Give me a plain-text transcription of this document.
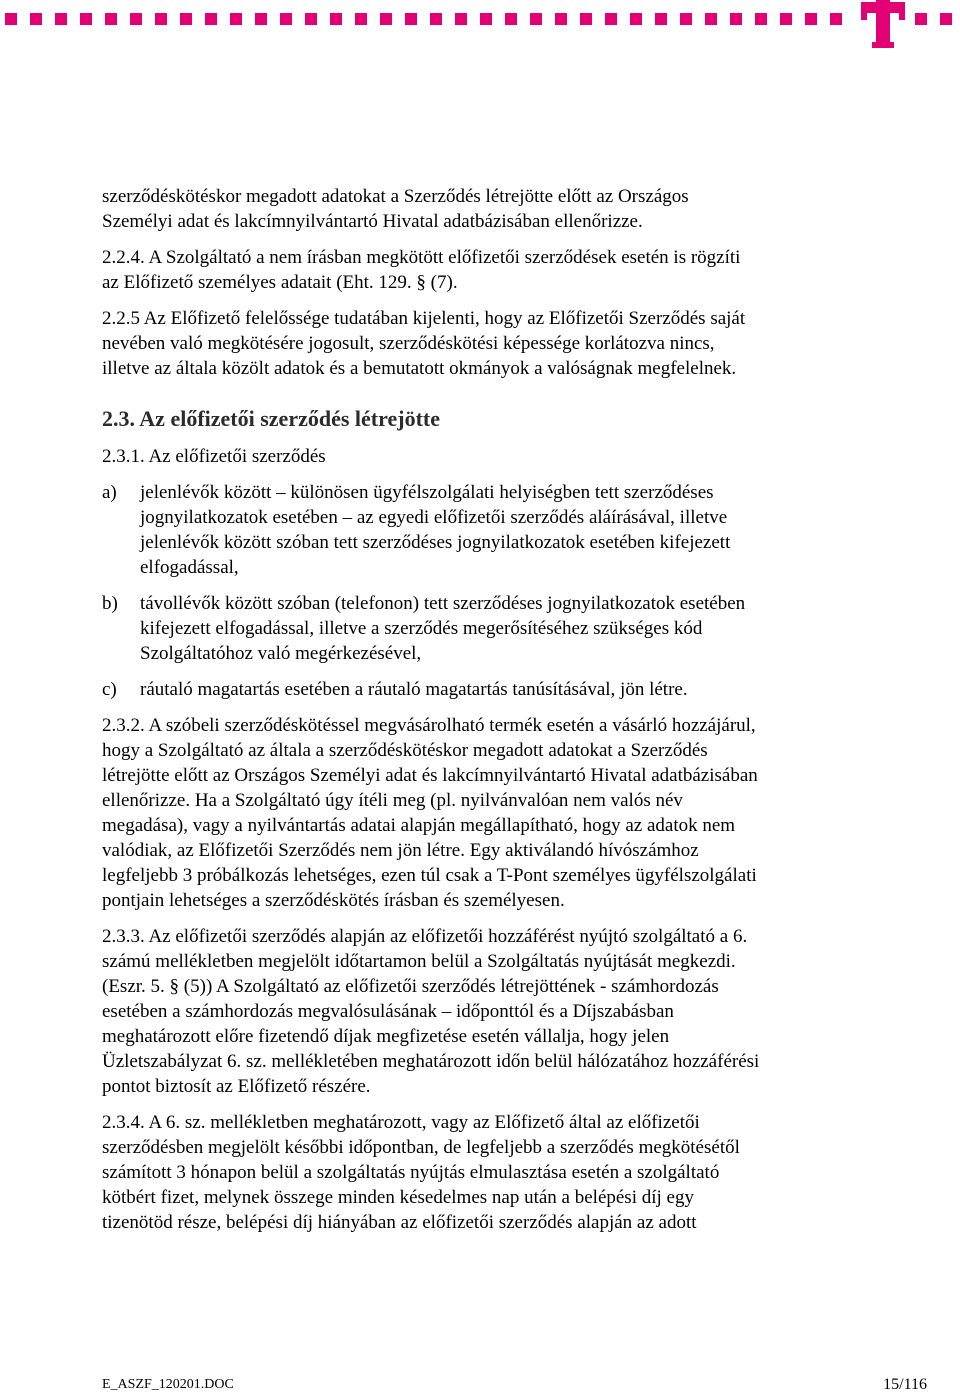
szerződéskötéskor megadott adatokat a Szerződés létrejötte előtt az Országos
Személyi adat és lakcímnyilvántartó Hivatal adatbázisában ellenőrizze.
2.2.4. A Szolgáltató a nem írásban megkötött előfizetői szerződések esetén is rögzíti
az Előfizető személyes adatait (Eht. 129. § (7).
2.2.5 Az Előfizető felelőssége tudatában kijelenti, hogy az Előfizetői Szerződés saját
nevében való megkötésére jogosult, szerződéskötési képessége korlátozva nincs,
illetve az általa közölt adatok és a bemutatott okmányok a valóságnak megfelelnek.
2.3. Az előfizetői szerződés létrejötte
2.3.1. Az előfizetői szerződés
a)	jelenlévők között – különösen ügyfélszolgálati helyiségben tett szerződéses
jognyilatkozatok esetében – az egyedi előfizetői szerződés aláírásával, illetve
jelenlévők között szóban tett szerződéses jognyilatkozatok esetében kifejezett
elfogadással,
b)	távollévők között szóban (telefonon) tett szerződéses jognyilatkozatok esetében
kifejezett elfogadással, illetve a szerződés megerősítéséhez szükséges kód
Szolgáltatóhoz való megérkezésével,
c)	ráutaló magatartás esetében a ráutaló magatartás tanúsításával, jön létre.
2.3.2. A szóbeli szerződéskötéssel megvásárolható termék esetén a vásárló hozzájárul,
hogy a Szolgáltató az általa a szerződéskötéskor megadott adatokat a Szerződés
létrejötte előtt az Országos Személyi adat és lakcímnyilvántartó Hivatal adatbázisában
ellenőrizze. Ha a Szolgáltató úgy ítéli meg (pl. nyilvánvalóan nem valós név
megadása), vagy a nyilvántartás adatai alapján megállapítható, hogy az adatok nem
valódiak, az Előfizetői Szerződés nem jön létre. Egy aktiválandó hívószámhoz
legfeljebb 3 próbálkozás lehetséges, ezen túl csak a T-Pont személyes ügyfélszolgálati
pontjain lehetséges a szerződéskötés írásban és személyesen.
2.3.3. Az előfizetői szerződés alapján az előfizetői hozzáférést nyújtó szolgáltató a 6.
számú mellékletben megjelölt időtartamon belül a Szolgáltatás nyújtását megkezdi.
(Eszr. 5. § (5)) A Szolgáltató az előfizetői szerződés létrejöttének - számhordozás
esetében a számhordozás megvalósulásának – időponttól és a Díjszabásban
meghatározott előre fizetendő díjak megfizetése esetén vállalja, hogy jelen
Üzletszabályzat 6. sz. mellékletében meghatározott időn belül hálózatához hozzáférési
pontot biztosít az Előfizető részére.
2.3.4. A 6. sz. mellékletben meghatározott, vagy az Előfizető által az előfizetői
szerződésben megjelölt későbbi időpontban, de legfeljebb a szerződés megkötésétől
számított 3 hónapon belül a szolgáltatás nyújtás elmulasztása esetén a szolgáltató
kötbért fizet, melynek összege minden késedelmes nap után a belépési díj egy
tizenötöd része, belépési díj hiányában az előfizetői szerződés alapján az adott
E_ASZF_120201.DOC	15/116
